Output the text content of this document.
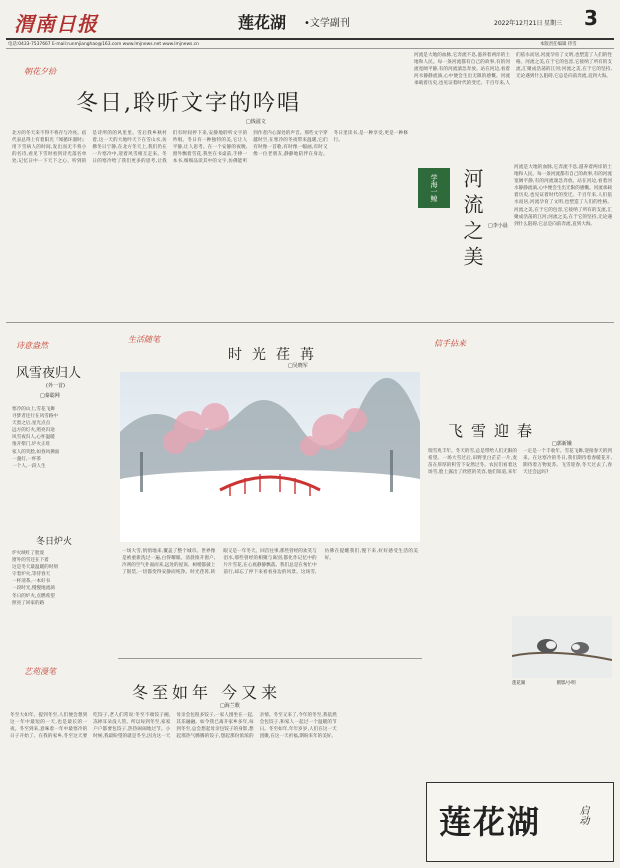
渭南日报	莲花湖 •文学副刊	2022年12月21日 星期三 3
电话:0433-7537667 E-mail:runmjianghao@163.com www.lmjnews.net www.lmjnews.cn	本版责任编辑 待雪
朝花夕拾
冬日,聆听文字的吟唱
□钱滋文
北方的冬天来不得不将存与冷亮。宿代表总得上有着阳光『闻循环溜时』用下雪病人的时间,发出而无不将小的名诗,看见下雪时看到诗光落名单处,记忆日中一下天下之心、听到的是诗所的的风里里。雪后我乡秋村着,这一天的大地吟天下在雪山水,仿佛冬日宁静,在北方冬天上,我们仍在一片寒冷中,迎着风雪相互走来。冬日的寒冷给了我们更多的思考,让我们有时间停下来,安静地聆听文字的吟唱。冬日有一种独特的美,它让人平静,让人思考。在一个安静的夜晚,窗外飘着雪花,我坐在书桌前,手捧一本书,细细品读其中的文字,仿佛能听到作者内心深处的声音。那些文字穿越时空,在寒冷的冬夜带来温暖,它们有时像一首歌,有时像一幅画,有时又像一位老朋友,静静地陪伴在身边。冬日里读书,是一种享受,更是一种修行。
河流是大地的血脉,它奔流不息,滋养着两岸的土地和人民。每一条河流都有自己的故事,有的河流宽阔平静,有的河流湍急奔放。站在河边,看着河水静静流淌,心中便会生出无限的感慨。河流承载着历史,也见证着时代的变迁。千百年来,人们依水而居,河流孕育了文明,也塑造了人们的性格。河流之美,在于它的包容,它接纳了所有的支流,汇聚成浩荡的江河;河流之美,在于它的坚持,无论遇到什么阻碍,它总是向前奔流,直到大海。
学海一鲸 河流之美 □李小晨
河流是大地的血脉,它奔流不息,滋养着两岸的土地和人民。每一条河流都有自己的故事,有的河流宽阔平静,有的河流湍急奔放。站在河边,看着河水静静流淌,心中便会生出无限的感慨。河流承载着历史,也见证着时代的变迁。千百年来,人们依水而居,河流孕育了文明,也塑造了人们的性格。河流之美,在于它的包容,它接纳了所有的支流,汇聚成浩荡的江河;河流之美,在于它的坚持,无论遇到什么阻碍,它总是向前奔流,直到大海。
诗意盎然
风雪夜归人
(外一首)
□秦聪网
寒冷的山上,雪花飞舞
寻梦者还行在风雪路中
天黑之后,星光点点
远方的灯火,照亮归途
风雪夜归人,心怀温暖
推开柴门,炉火正旺
家人的笑脸,如春风拂面
一盏灯,一杯茶
一个人,一段人生
冬日炉火
炉火映红了脸庞
窗外的雪还在下着
这是冬天最温暖的时刻
守着炉火,等待春天
一杯清茶,一本好书
一段时光,慢慢地流淌
冬日的炉火,点燃希望
照亮了回家的路
生活随笔
时光荏苒
□吴晓军
一场大雪,悄悄地来,覆盖了整个城市。世界像是被重新洗过一遍,白得耀眼。清晨推开窗户,冷冽的空气扑面而来,远处的屋顶、树梢都披上了银装,一切都变得安静而纯净。时光荏苒,转眼又是一年冬天。回首往事,那些曾经的欢笑与泪水,那些曾经的相聚与离别,都化作记忆中的片片雪花,在心底静静飘落。我们总是在匆忙中前行,却忘了停下来看看身边的风景。这场雪,仿佛在提醒我们,慢下来,好好感受生活的美好。
信手拈来
飞雪迎春
□郭新娥
瑞雪兆丰年。冬天的雪,总是带给人们无限的希望。一场大雪过后,田野里白茫茫一片,麦苗在厚厚的积雪下安然过冬。农民们看着这场雪,脸上露出了欣慰的笑容,他们知道,来年一定是一个丰收年。雪花飞舞,迎接春天的到来。在这寒冷的冬日,我们期待着春暖花开,期待着万物复苏。飞雪迎春,冬天过去了,春天还会远吗?
莲花湖	摄影/小明
艺苑漫笔
冬至如年 今又来
□海兰歌
冬至大如年。提到冬至,人们便会想到这一年中最短的一天,也是最长的一夜。冬至到来,意味着一年中最寒冷的日子开始了。在我的家乡,冬至这天要吃饺子,老人们常说:冬至不端饺子碗,冻掉耳朵没人管。所以每到冬至,家家户户都要包饺子,热热闹闹地过节。小时候,我最盼望的就是冬至,因为这一天母亲会包很多饺子,一家人围坐在一起,其乐融融。如今我已离开家乡多年,每到冬至,总会想起母亲包饺子的身影,想起那热气腾腾的饺子,想起那份浓浓的亲情。冬至又来了,今年的冬至,我依然会包饺子,和家人一起过一个温暖的节日。冬至如年,年年岁岁,人们在这一天团聚,在这一天祈福,期盼来年的美好。
莲花湖	启动
